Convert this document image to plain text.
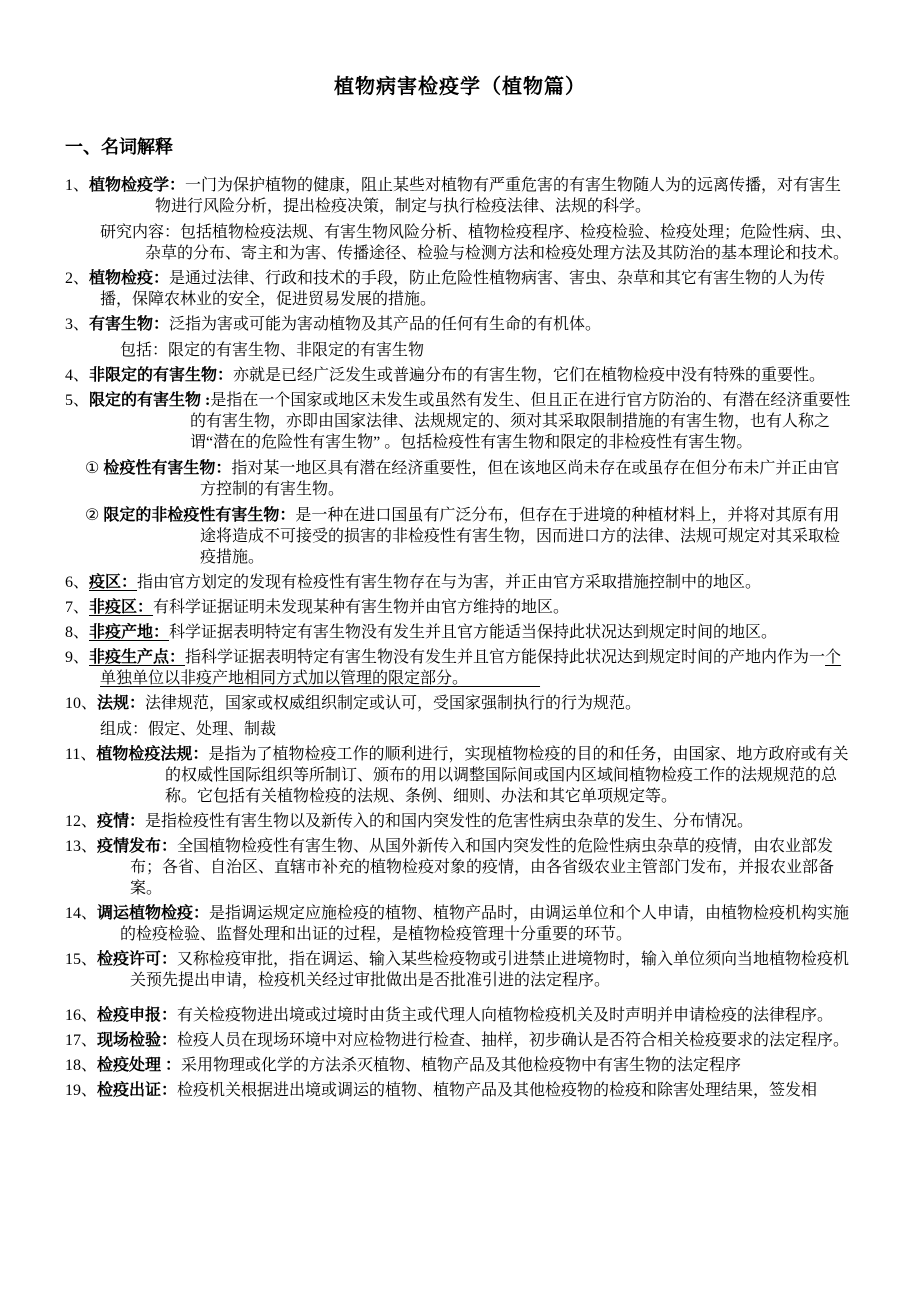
植物病害检疫学（植物篇）
一、名词解释

1、植物检疫学：一门为保护植物的健康，阻止某些对植物有严重危害的有害生物随人为的远离传播，对有害生物进行风险分析，提出检疫决策，制定与执行检疫法律、法规的科学。

研究内容：包括植物检疫法规、有害生物风险分析、植物检疫程序、检疫检验、检疫处理；危险性病、虫、杂草的分布、寄主和为害、传播途径、检验与检测方法和检疫处理方法及其防治的基本理论和技术。

2、植物检疫：是通过法律、行政和技术的手段，防止危险性植物病害、害虫、杂草和其它有害生物的人为传播，保障农林业的安全，促进贸易发展的措施。

3、有害生物：泛指为害或可能为害动植物及其产品的任何有生命的有机体。

包括：限定的有害生物、非限定的有害生物

4、非限定的有害生物：亦就是已经广泛发生或普遍分布的有害生物，它们在植物检疫中没有特殊的重要性。

5、限定的有害生物 :是指在一个国家或地区未发生或虽然有发生、但且正在进行官方防治的、有潜在经济重要性的有害生物，亦即由国家法律、法规规定的、须对其采取限制措施的有害生物，也有人称之谓“潜在的危险性有害生物” 。包括检疫性有害生物和限定的非检疫性有害生物。

① 检疫性有害生物：指对某一地区具有潜在经济重要性，但在该地区尚未存在或虽存在但分布未广并正由官方控制的有害生物。

② 限定的非检疫性有害生物：是一种在进口国虽有广泛分布，但存在于进境的种植材料上，并将对其原有用途将造成不可接受的损害的非检疫性有害生物，因而进口方的法律、法规可规定对其采取检疫措施。

6、疫区：指由官方划定的发现有检疫性有害生物存在与为害，并正由官方采取措施控制中的地区。

7、非疫区：有科学证据证明未发现某种有害生物并由官方维持的地区。

8、非疫产地：科学证据表明特定有害生物没有发生并且官方能适当保持此状况达到规定时间的地区。

9、非疫生产点：指科学证据表明特定有害生物没有发生并且官方能保持此状况达到规定时间的产地内作为一个单独单位以非疫产地相同方式加以管理的限定部分。　　　　　

10、法规：法律规范，国家或权威组织制定或认可，受国家强制执行的行为规范。

组成：假定、处理、制裁

11、植物检疫法规：是指为了植物检疫工作的顺利进行，实现植物检疫的目的和任务，由国家、地方政府或有关的权威性国际组织等所制订、颁布的用以调整国际间或国内区域间植物检疫工作的法规规范的总称。它包括有关植物检疫的法规、条例、细则、办法和其它单项规定等。

12、疫情：是指检疫性有害生物以及新传入的和国内突发性的危害性病虫杂草的发生、分布情况。

13、疫情发布：全国植物检疫性有害生物、从国外新传入和国内突发性的危险性病虫杂草的疫情，由农业部发布；各省、自治区、直辖市补充的植物检疫对象的疫情，由各省级农业主管部门发布，并报农业部备案。

14、调运植物检疫：是指调运规定应施检疫的植物、植物产品时，由调运单位和个人申请，由植物检疫机构实施的检疫检验、监督处理和出证的过程，是植物检疫管理十分重要的环节。

15、检疫许可：又称检疫审批，指在调运、输入某些检疫物或引进禁止进境物时，输入单位须向当地植物检疫机关预先提出申请，检疫机关经过审批做出是否批准引进的法定程序。

16、检疫申报：有关检疫物进出境或过境时由货主或代理人向植物检疫机关及时声明并申请检疫的法律程序。

17、现场检验：检疫人员在现场环境中对应检物进行检查、抽样，初步确认是否符合相关检疫要求的法定程序。

18、检疫处理 ：采用物理或化学的方法杀灭植物、植物产品及其他检疫物中有害生物的法定程序

19、检疫出证：检疫机关根据进出境或调运的植物、植物产品及其他检疫物的检疫和除害处理结果，签发相
